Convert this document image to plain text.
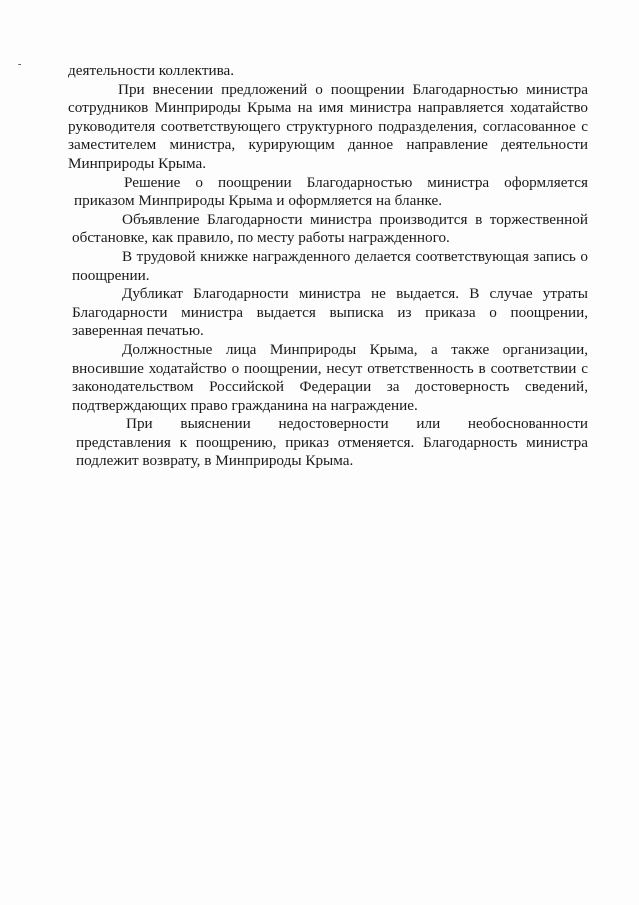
-	деятельности коллектива.

При внесении предложений о поощрении Благодарностью министра сотрудников Минприроды Крыма на имя министра направляется ходатайство руководителя соответствующего структурного подразделения, согласованное с заместителем министра, курирующим данное направление деятельности Минприроды Крыма.

Решение о поощрении Благодарностью министра оформляется приказом Минприроды Крыма и оформляется на бланке.

Объявление Благодарности министра производится в торжественной обстановке, как правило, по месту работы награжденного.

В трудовой книжке награжденного делается соответствующая запись о поощрении.

Дубликат Благодарности министра не выдается. В случае утраты Благодарности министра выдается выписка из приказа о поощрении, заверенная печатью.

Должностные лица Минприроды Крыма, а также организации, вносившие ходатайство о поощрении, несут ответственность в соответствии с законодательством Российской Федерации за достоверность сведений, подтверждающих право гражданина на награждение.

При выяснении недостоверности или необоснованности представления к поощрению, приказ отменяется. Благодарность министра подлежит возврату, в Минприроды Крыма.
